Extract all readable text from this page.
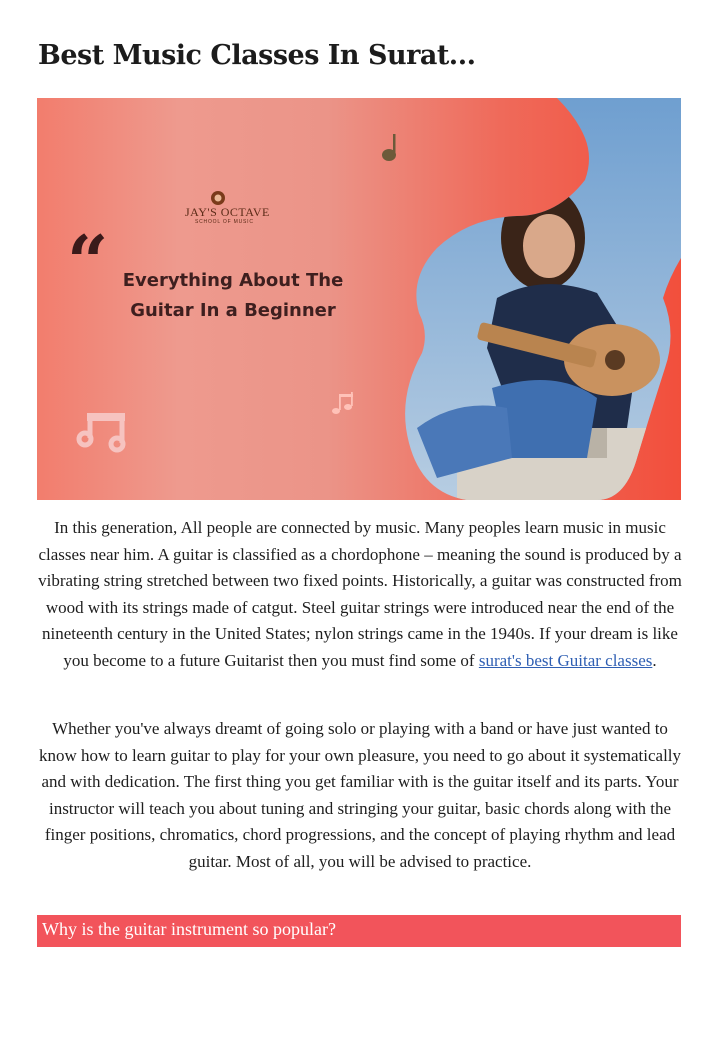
Best Music Classes In Surat...
JAY'S OCTAVE
SCHOOL OF MUSIC
“ Everything About The
Guitar In a Beginner

In this generation, All people are connected by music. Many peoples learn music in music classes near him. A guitar is classified as a chordophone – meaning the sound is produced by a vibrating string stretched between two fixed points. Historically, a guitar was constructed from wood with its strings made of catgut. Steel guitar strings were introduced near the end of the nineteenth century in the United States; nylon strings came in the 1940s. If your dream is like you become to a future Guitarist then you must find some of surat's best Guitar classes.

Whether you've always dreamt of going solo or playing with a band or have just wanted to know how to learn guitar to play for your own pleasure, you need to go about it systematically and with dedication. The first thing you get familiar with is the guitar itself and its parts. Your instructor will teach you about tuning and stringing your guitar, basic chords along with the finger positions, chromatics, chord progressions, and the concept of playing rhythm and lead guitar. Most of all, you will be advised to practice.

Why is the guitar instrument so popular?
